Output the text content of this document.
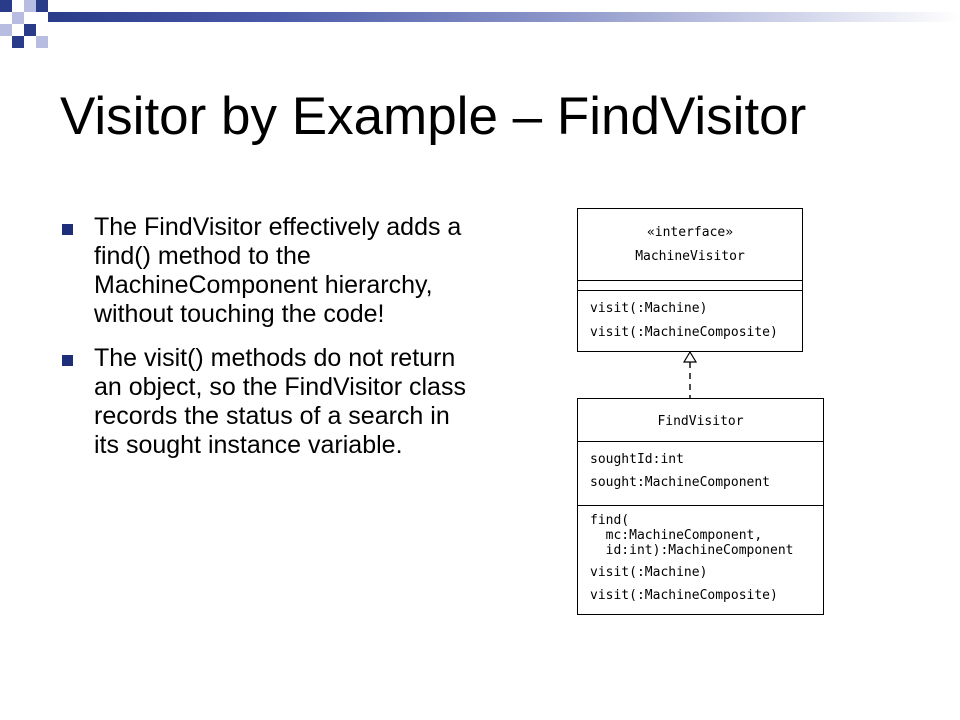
Visitor by Example – FindVisitor
The FindVisitor effectively adds a find() method to the MachineComponent hierarchy, without touching the code!
The visit() methods do not return an object, so the FindVisitor class records the status of a search in its sought instance variable.
«interface»
MachineVisitor
visit(:Machine)
visit(:MachineComposite)
FindVisitor
soughtId:int
sought:MachineComponent
find(
mc:MachineComponent,
id:int):MachineComponent
visit(:Machine)
visit(:MachineComposite)
